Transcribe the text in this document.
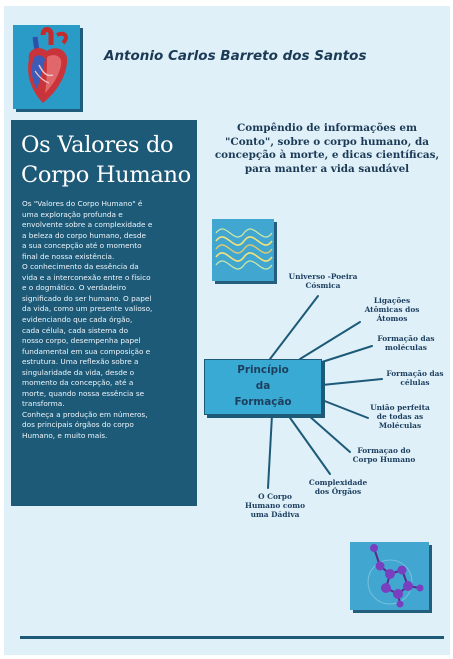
Antonio Carlos Barreto dos Santos
Os Valores do Corpo Humano
Os "Valores do Corpo Humano" é
uma exploração profunda e
envolvente sobre a complexidade e
a beleza do corpo humano, desde
a sua concepção até o momento
final de nossa existência.
O conhecimento da essência da
vida e a interconexão entre o físico
e o dogmático. O verdadeiro
significado do ser humano. O papel
da vida, como um presente valioso,
evidenciando que cada órgão,
cada célula, cada sistema do
nosso corpo, desempenha papel
fundamental em sua composição e
estrutura. Uma reflexão sobre a
singularidade da vida, desde o
momento da concepção, até a
morte, quando nossa essência se
transforma.
Conheça a produção em números,
dos principais órgãos do corpo
Humano, e muito mais.
Compêndio de informações em "Conto", sobre o corpo humano, da concepção à morte, e dicas científicas, para manter a vida saudável
Princípio
da
Formação
Universo -Poeira
Cósmica
Ligações
Atômicas dos
Átomos
Formação das
moléculas
Formação das
células
União perfeita
de todas as
Moléculas
Formaçao do
Corpo Humano
Complexidade
dos Órgãos
O Corpo
Humano como
uma Dádiva
